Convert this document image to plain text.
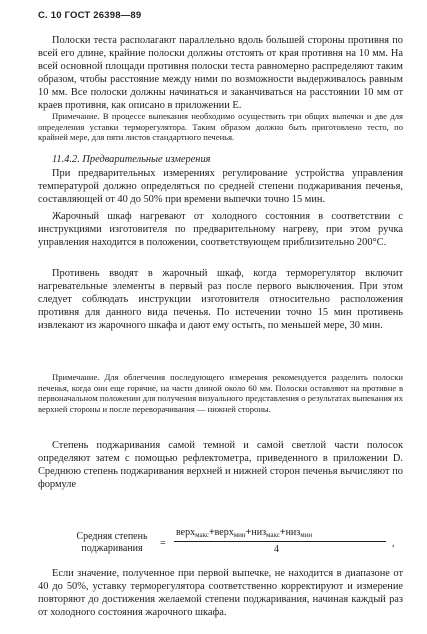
С. 10 ГОСТ 26398—89

Полоски теста располагают параллельно вдоль большей стороны противня по всей его длине, крайние полоски должны отстоять от края противня на 10 мм. На всей основной площади противня полоски теста равномерно распределяют таким образом, чтобы расстояние между ними по возможности выдерживалось равным 10 мм. Все полоски должны начинаться и заканчиваться на расстоянии 10 мм от краев противня, как описано в приложении Е.

Примечание. В процессе выпекания необходимо осуществить три общих выпечки и две для определения уставки терморегулятора. Таким образом должно быть приготовлено тесто, по крайней мере, для пяти листов стандартного печенья.

11.4.2. Предварительные измерения

При предварительных измерениях регулирование устройства управления температурой должно определяться по средней степени поджаривания печенья, составляющей от 40 до 50% при времени выпечки точно 15 мин.

Жарочный шкаф нагревают от холодного состояния в соответствии с инструкциями изготовителя по предварительному нагреву, при этом ручка управления находится в положении, соответствующем приблизительно 200°С.

Противень вводят в жарочный шкаф, когда терморегулятор включит нагревательные элементы в первый раз после первого выключения. При этом следует соблюдать инструкции изготовителя относительно расположения противня для данного вида печенья. По истечении точно 15 мин противень извлекают из жарочного шкафа и дают ему остыть, по меньшей мере, 30 мин.

Примечание. Для облегчения последующего измерения рекомендуется разделить полоски печенья, когда они еще горячие, на части длиной около 60 мм. Полоски оставляют на противне в первоначальном положении для получения визуального представления о результатах выпекания их верхней стороны и после переворачивания — нижней стороны.

Степень поджаривания самой темной и самой светлой части полосок определяют затем с помощью рефлектометра, приведенного в приложении D. Среднюю степень поджаривания верхней и нижней сторон печенья вычисляют по формуле

Средняя степень
поджаривания	=
верх$_{макс}$+верх$_{мин}$+низ$_{макс}$+низ$_{мин}$
4
,

Если значение, полученное при первой выпечке, не находится в диапазоне от 40 до 50%, уставку терморегулятора соответственно корректируют и измерение повторяют до достижения желаемой степени поджаривания, начиная каждый раз от холодного состояния жарочного шкафа.
